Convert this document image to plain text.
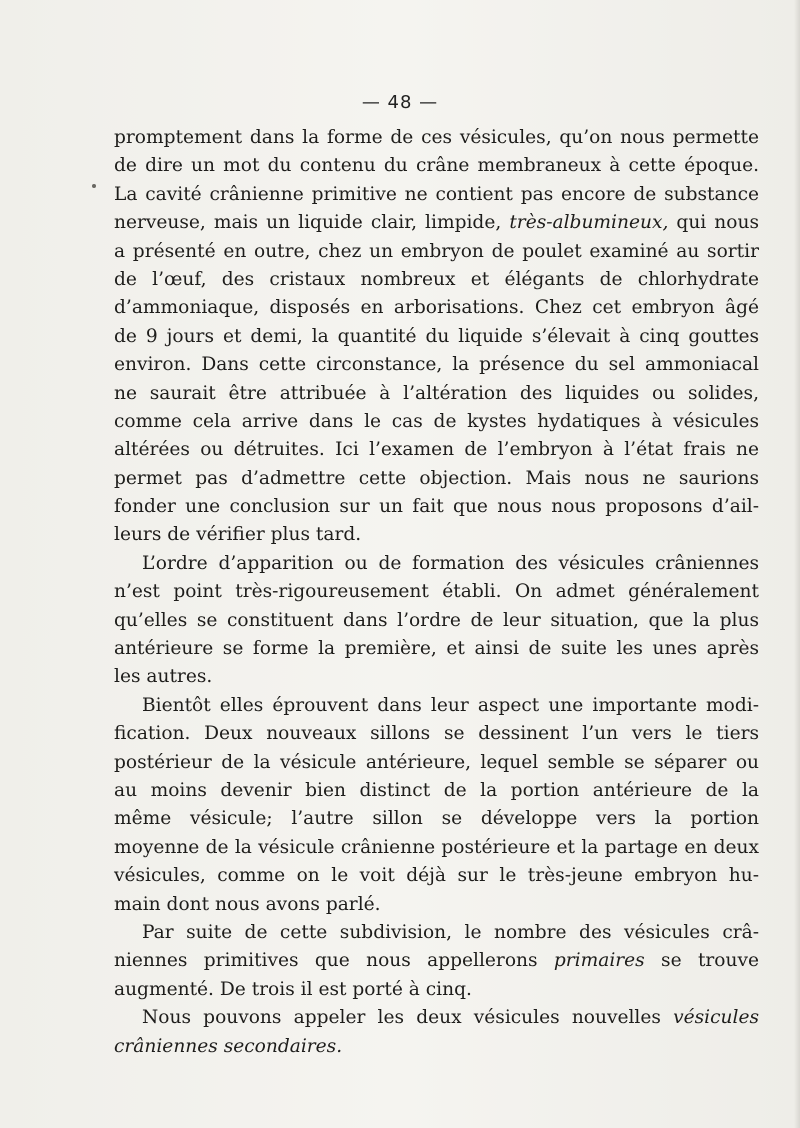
— 48 —
promptement dans la forme de ces vésicules, qu’on nous permette
de dire un mot du contenu du crâne membraneux à cette époque.
La cavité crânienne primitive ne contient pas encore de substance
nerveuse, mais un liquide clair, limpide, très-albumineux, qui nous
a présenté en outre, chez un embryon de poulet examiné au sortir
de l’œuf, des cristaux nombreux et élégants de chlorhydrate
d’ammoniaque, disposés en arborisations. Chez cet embryon âgé
de 9 jours et demi, la quantité du liquide s’élevait à cinq gouttes
environ. Dans cette circonstance, la présence du sel ammoniacal
ne saurait être attribuée à l’altération des liquides ou solides,
comme cela arrive dans le cas de kystes hydatiques à vésicules
altérées ou détruites. Ici l’examen de l’embryon à l’état frais ne
permet pas d’admettre cette objection. Mais nous ne saurions
fonder une conclusion sur un fait que nous nous proposons d’ail-
leurs de vérifier plus tard.
L’ordre d’apparition ou de formation des vésicules crâniennes
n’est point très-rigoureusement établi. On admet généralement
qu’elles se constituent dans l’ordre de leur situation, que la plus
antérieure se forme la première, et ainsi de suite les unes après
les autres.
Bientôt elles éprouvent dans leur aspect une importante modi-
fication. Deux nouveaux sillons se dessinent l’un vers le tiers
postérieur de la vésicule antérieure, lequel semble se séparer ou
au moins devenir bien distinct de la portion antérieure de la
même vésicule; l’autre sillon se développe vers la portion
moyenne de la vésicule crânienne postérieure et la partage en deux
vésicules, comme on le voit déjà sur le très-jeune embryon hu-
main dont nous avons parlé.
Par suite de cette subdivision, le nombre des vésicules crâ-
niennes primitives que nous appellerons primaires se trouve
augmenté. De trois il est porté à cinq.
Nous pouvons appeler les deux vésicules nouvelles vésicules
crâniennes secondaires.
